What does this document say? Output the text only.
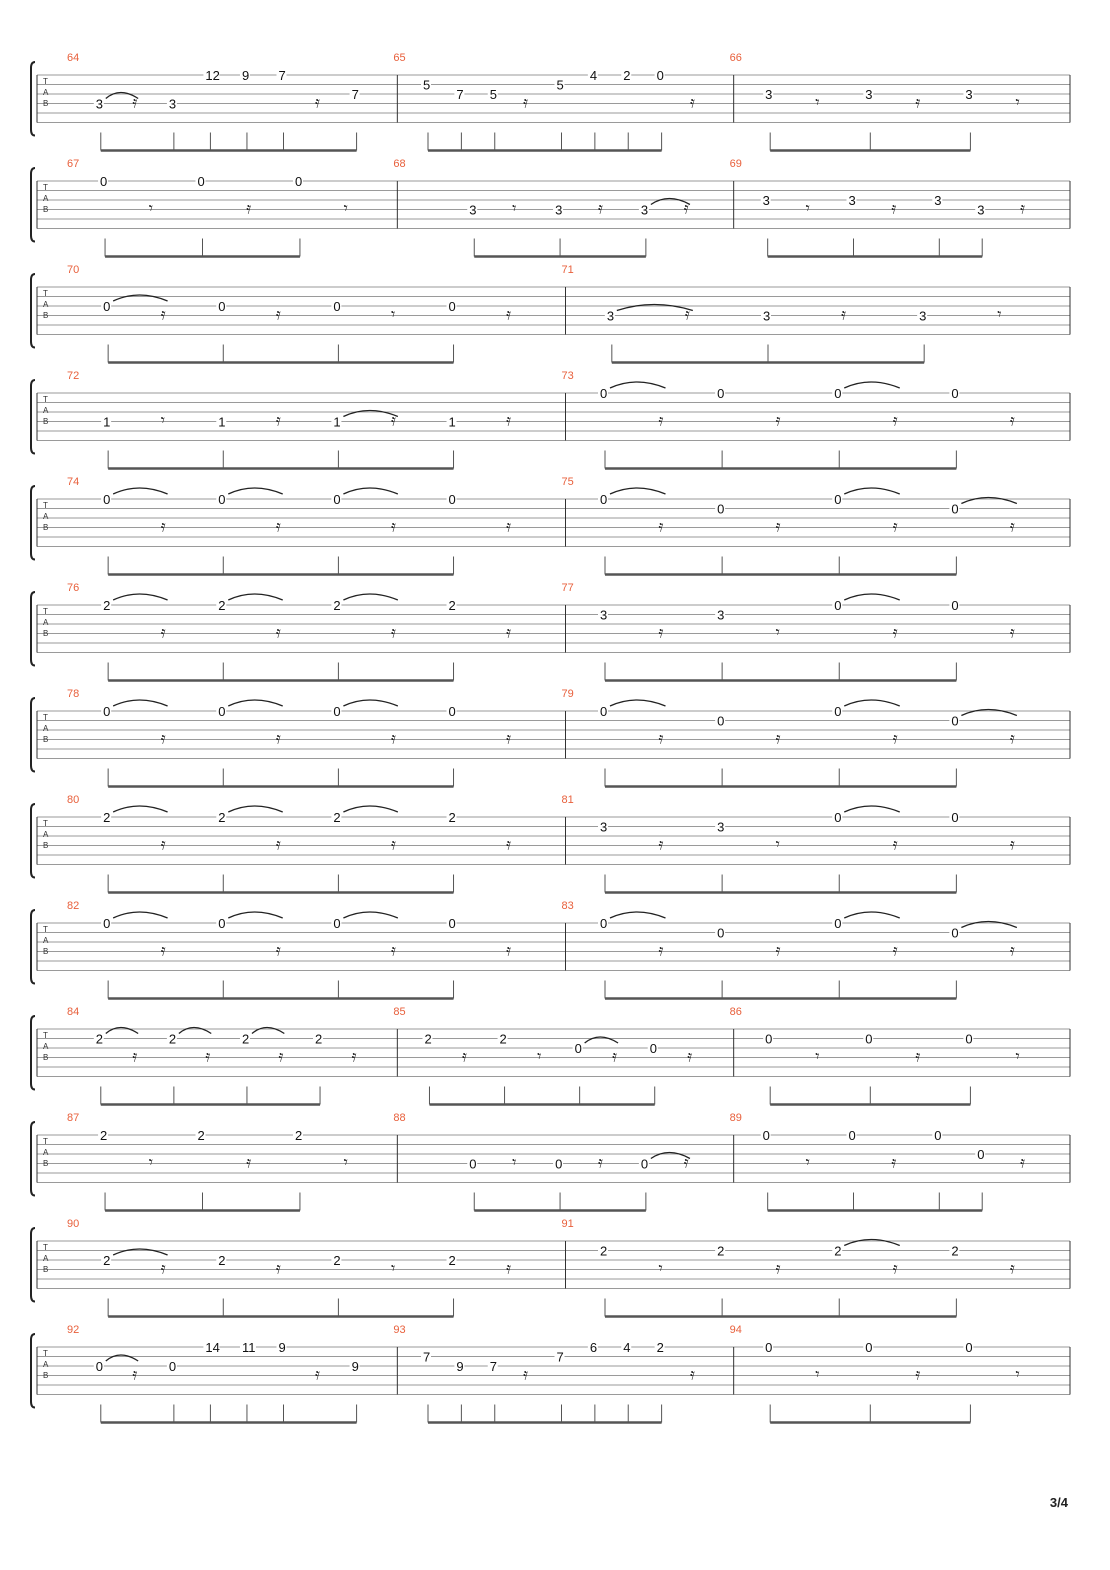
T
A
B
64
3 𝄿 3
12 9 7
𝄿 7
65
5
7 5 𝄿
5
4 2 0
𝄿
66
3	𝄾	3	𝄿	3	𝄾
T
A
B
67
0
𝄾
0
𝄿
0
𝄾
68
3 𝄾	3 𝄿	3 𝄿
69
3 𝄾	3 𝄿	3
3 𝄿
T
A
B
70
0	𝄿	0	𝄿	0	𝄾	0	𝄿
71
3	𝄿	3	𝄿	3	𝄾
T
A
B
72
1	𝄾	1	𝄿	1	𝄿	1	𝄿
73
0
𝄿
0
𝄿
0
𝄿
0
𝄿
T
A
B
74
0
𝄿
0
𝄿
0
𝄿
0
𝄿
75
0
𝄿
0
𝄿
0
𝄿
0
𝄿
T
A
B
76
2
𝄿
2
𝄿
2
𝄿
2
𝄿
77
3
𝄿
3
𝄾
0
𝄿
0
𝄿
T
A
B
78
0
𝄿
0
𝄿
0
𝄿
0
𝄿
79
0
𝄿
0
𝄿
0
𝄿
0
𝄿
T
A
B
80
2
𝄿
2
𝄿
2
𝄿
2
𝄿
81
3
𝄿
3
𝄾
0
𝄿
0
𝄿
T
A
B
82
0
𝄿
0
𝄿
0
𝄿
0
𝄿
83
0
𝄿
0
𝄿
0
𝄿
0
𝄿
T
A
B
84
2
𝄿
2
𝄿
2
𝄿
2
𝄿
85
2
𝄿
2
𝄾	0 𝄿	0 𝄿
86
0
𝄾
0
𝄿
0
𝄾
T
A
B
87
2
𝄾
2
𝄿
2
𝄾
88
0 𝄾	0 𝄿	0 𝄿
89
0
𝄾
0
𝄿
0
0 𝄿
T
A
B
90
2	𝄿	2	𝄿	2	𝄾	2	𝄿
91
2
𝄾
2
𝄿
2
𝄿
2
𝄿
T
A
B
92
0 𝄿 0
14 11 9
𝄿 9
93
7
9 7 𝄿
7
6 4 2
𝄿
94
0
𝄾
0
𝄿
0
𝄾
3/4
